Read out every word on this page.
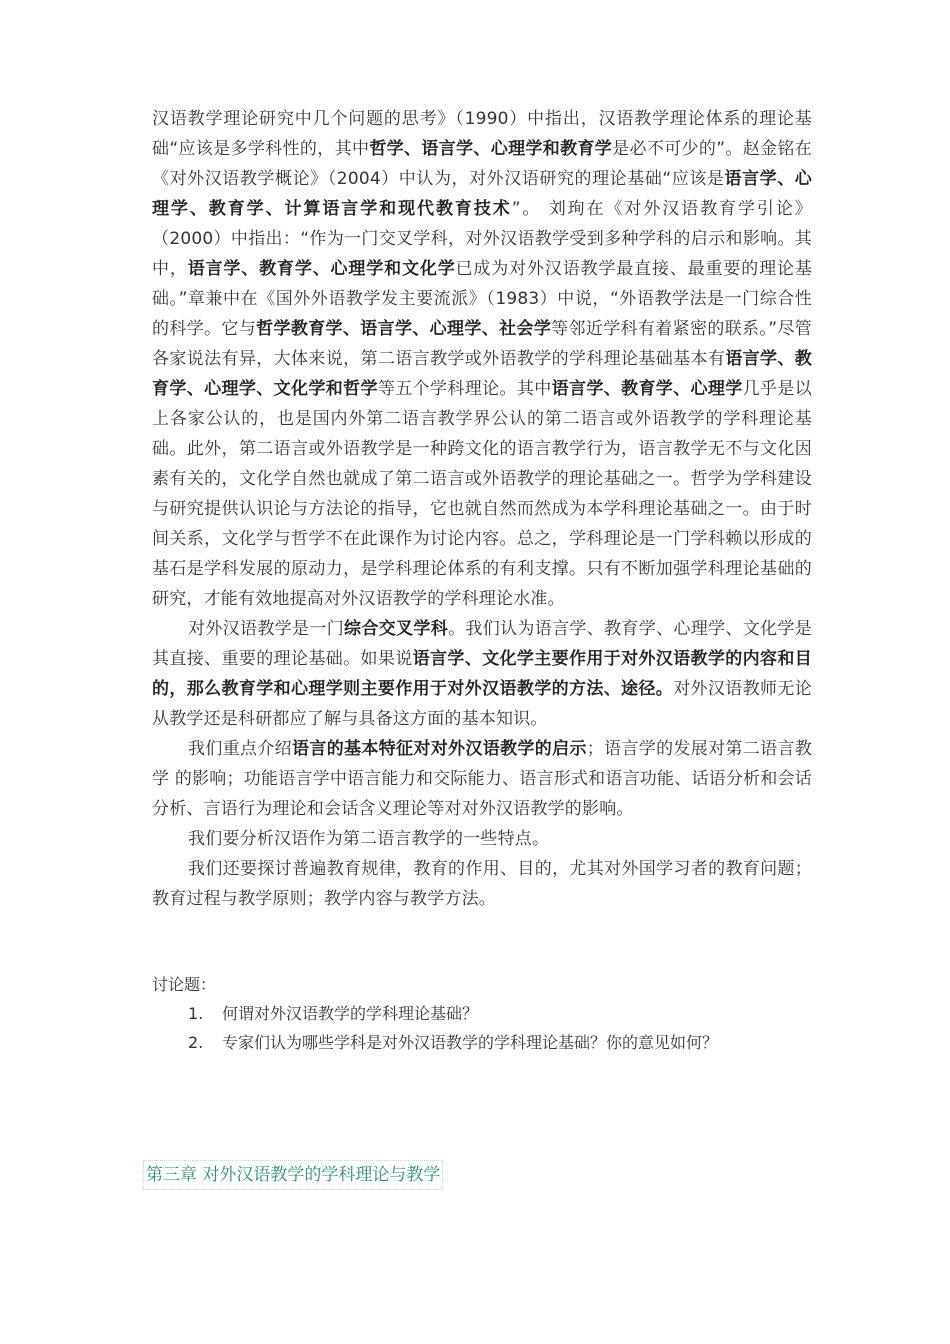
汉语教学理论研究中几个问题的思考》（1990）中指出，汉语教学理论体系的理论基础“应该是多学科性的，其中哲学、语言学、心理学和教育学是必不可少的”。赵金铭在《对外汉语教学概论》（2004）中认为，对外汉语研究的理论基础“应该是语言学、心理学、教育学、计算语言学和现代教育技术”。 刘珣在《对外汉语教育学引论》（2000）中指出：“作为一门交叉学科，对外汉语教学受到多种学科的启示和影响。其中，语言学、教育学、心理学和文化学已成为对外汉语教学最直接、最重要的理论基础。”章兼中在《国外外语教学发主要流派》（1983）中说，“外语教学法是一门综合性的科学。它与哲学教育学、语言学、心理学、社会学等邻近学科有着紧密的联系。”尽管各家说法有异，大体来说，第二语言教学或外语教学的学科理论基础基本有语言学、教育学、心理学、文化学和哲学等五个学科理论。其中语言学、教育学、心理学几乎是以上各家公认的，也是国内外第二语言教学界公认的第二语言或外语教学的学科理论基础。此外，第二语言或外语教学是一种跨文化的语言教学行为，语言教学无不与文化因素有关的，文化学自然也就成了第二语言或外语教学的理论基础之一。哲学为学科建设与研究提供认识论与方法论的指导，它也就自然而然成为本学科理论基础之一。由于时间关系，文化学与哲学不在此课作为讨论内容。总之，学科理论是一门学科赖以形成的基石是学科发展的原动力，是学科理论体系的有利支撑。只有不断加强学科理论基础的研究，才能有效地提高对外汉语教学的学科理论水准。

对外汉语教学是一门综合交叉学科。我们认为语言学、教育学、心理学、文化学是其直接、重要的理论基础。如果说语言学、文化学主要作用于对外汉语教学的内容和目的，那么教育学和心理学则主要作用于对外汉语教学的方法、途径。对外汉语教师无论从教学还是科研都应了解与具备这方面的基本知识。

我们重点介绍语言的基本特征对对外汉语教学的启示；语言学的发展对第二语言教学 的影响；功能语言学中语言能力和交际能力、语言形式和语言功能、话语分析和会话分析、言语行为理论和会话含义理论等对对外汉语教学的影响。

我们要分析汉语作为第二语言教学的一些特点。

我们还要探讨普遍教育规律，教育的作用、目的，尤其对外国学习者的教育问题；教育过程与教学原则；教学内容与教学方法。

讨论题：
1. 何谓对外汉语教学的学科理论基础？
2. 专家们认为哪些学科是对外汉语教学的学科理论基础？你的意见如何？
第三章 对外汉语教学的学科理论与教学
